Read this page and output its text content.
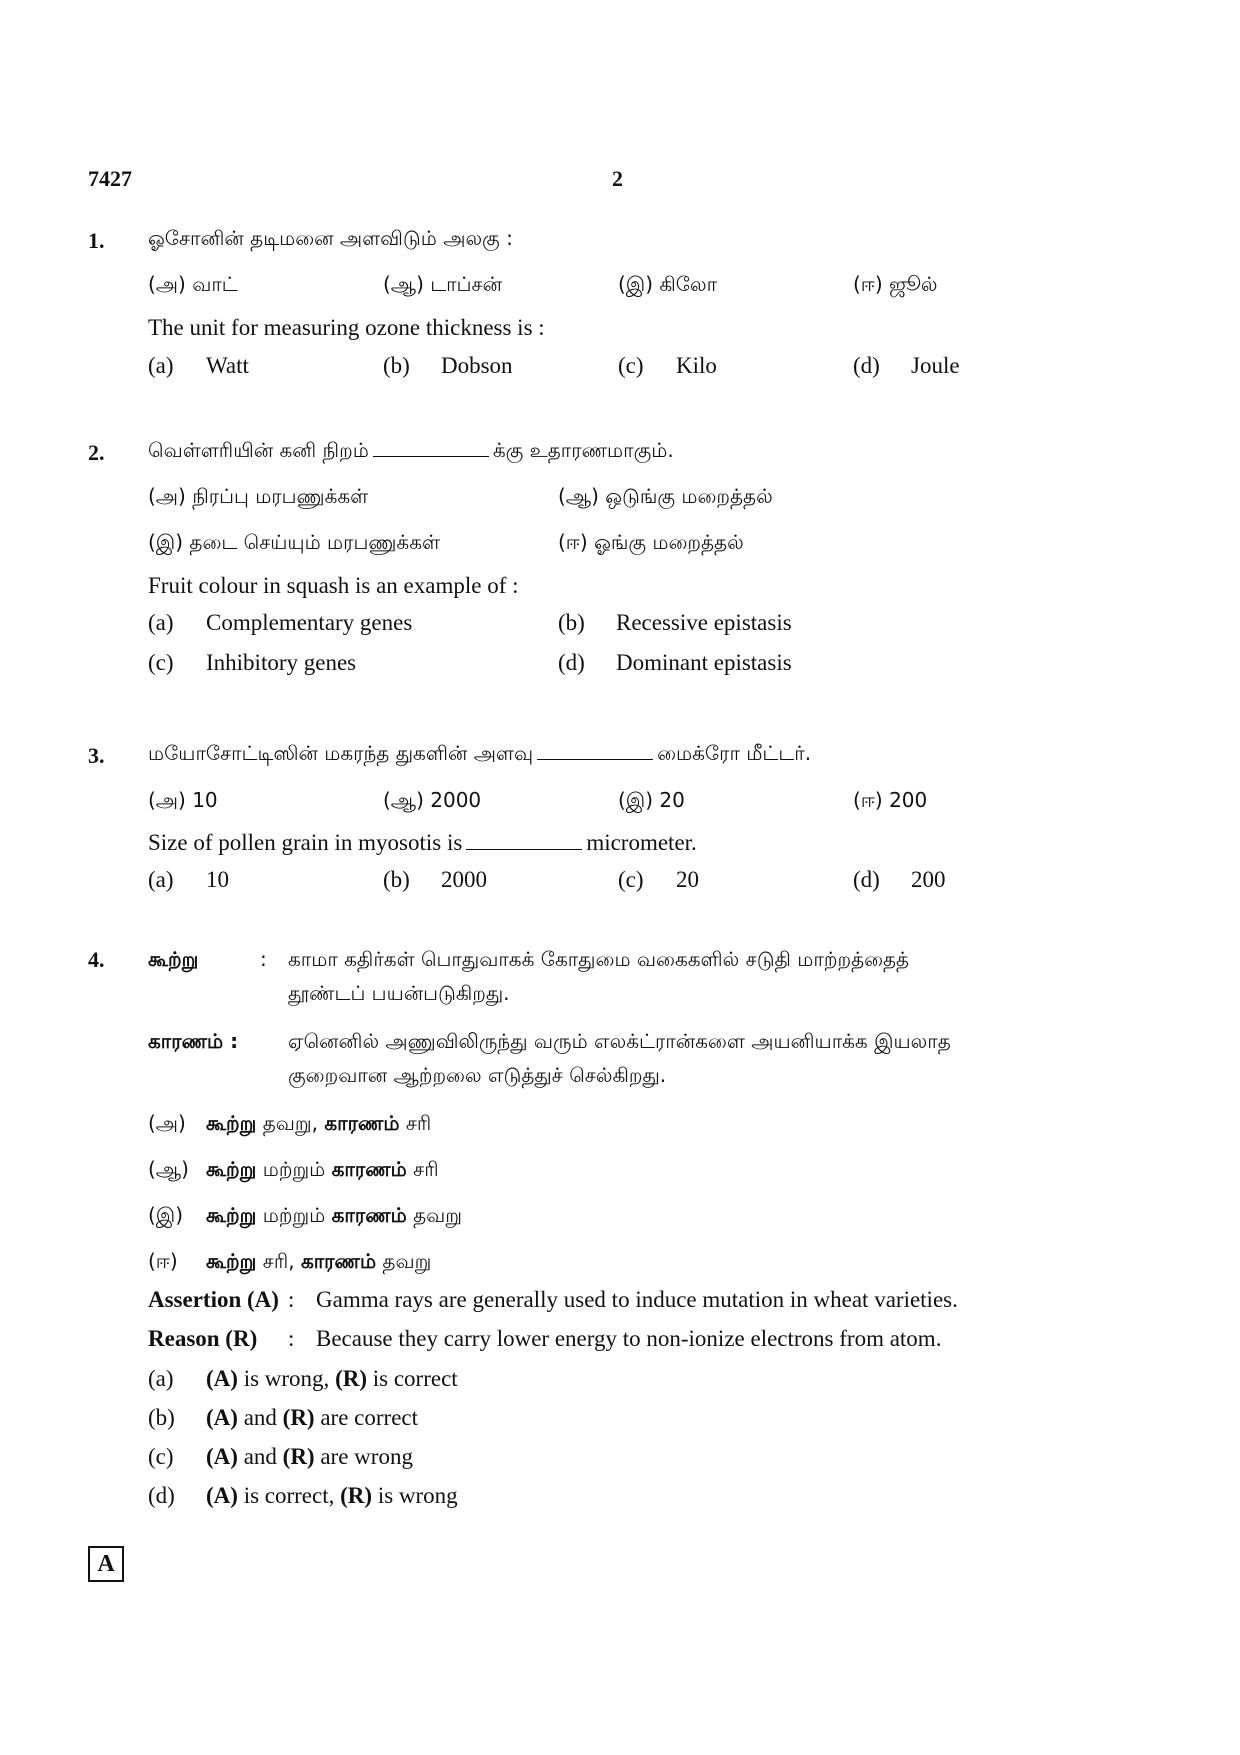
7427	2
1. ஓசோனின் தடிமனை அளவிடும் அலகு :
(அ) வாட்	(ஆ) டாப்சன்	(இ) கிலோ	(ஈ) ஜூல்
The unit for measuring ozone thickness is :
(a) Watt	(b) Dobson	(c) Kilo	(d) Joule
2. வெள்ளரியின் கனி நிறம்	க்கு உதாரணமாகும்.
(அ) நிரப்பு மரபணுக்கள்	(ஆ) ஒடுங்கு மறைத்தல்
(இ) தடை செய்யும் மரபணுக்கள்	(ஈ) ஓங்கு மறைத்தல்
Fruit colour in squash is an example of :
(a) Complementary genes	(b) Recessive epistasis
(c) Inhibitory genes	(d) Dominant epistasis
3. மயோசோட்டிஸின் மகரந்த துகளின் அளவு	மைக்ரோ மீட்டர்.
(அ) 10	(ஆ) 2000	(இ) 20	(ஈ) 200
Size of pollen grain in myosotis is	micrometer.
(a) 10	(b) 2000	(c) 20	(d) 200
4. கூற்று	:	காமா கதிர்கள் பொதுவாகக் கோதுமை வகைகளில் சடுதி மாற்றத்தைத்
தூண்டப் பயன்படுகிறது.
காரணம் : ஏனெனில் அணுவிலிருந்து வரும் எலக்ட்ரான்களை அயனியாக்க இயலாத
குறைவான ஆற்றலை எடுத்துச் செல்கிறது.
(அ) கூற்று தவறு, காரணம் சரி
(ஆ) கூற்று மற்றும் காரணம் சரி
(இ) கூற்று மற்றும் காரணம் தவறு
(ஈ) கூற்று சரி, காரணம் தவறு
Assertion (A) : Gamma rays are generally used to induce mutation in wheat varieties.
Reason (R) : Because they carry lower energy to non-ionize electrons from atom.
(a) (A) is wrong, (R) is correct
(b) (A) and (R) are correct
(c) (A) and (R) are wrong
(d) (A) is correct, (R) is wrong
A
